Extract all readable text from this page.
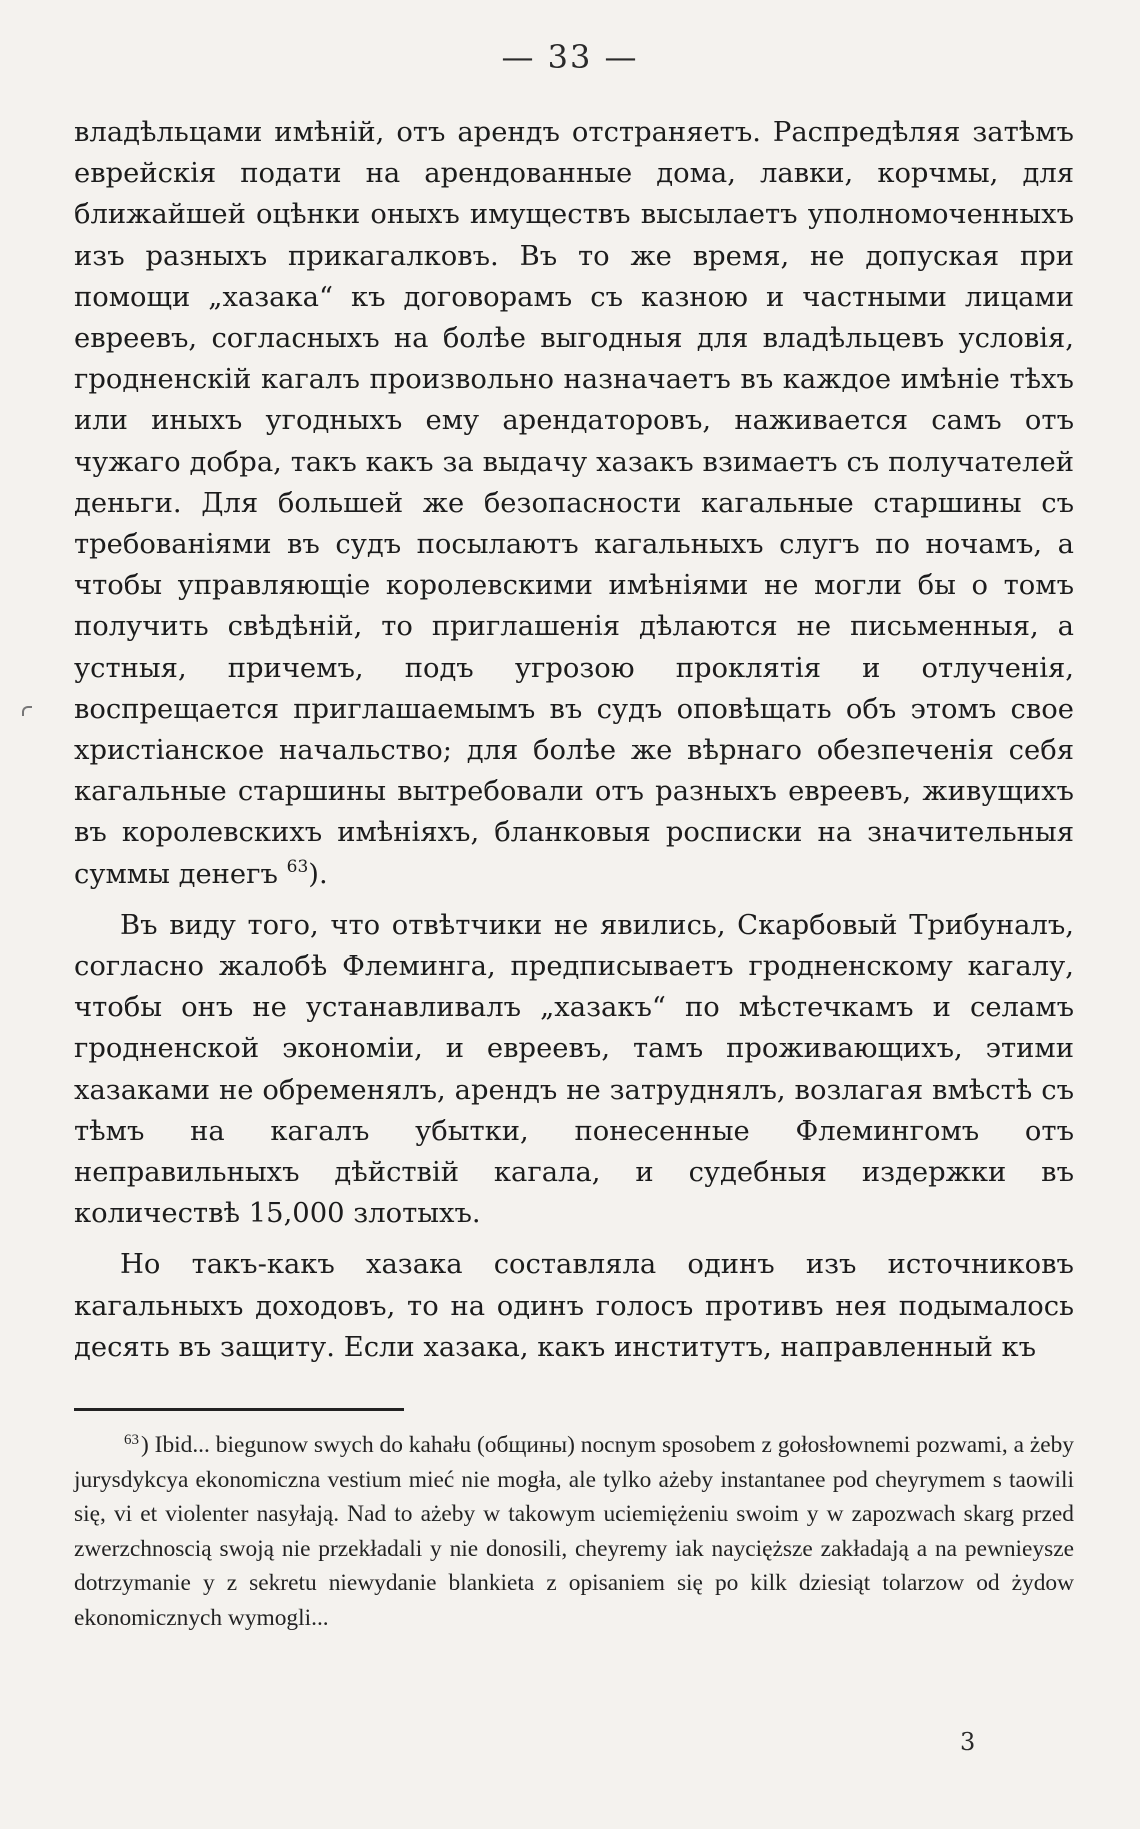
— 33 —

владѣльцами имѣній, отъ арендъ отстраняетъ. Распредѣляя затѣмъ еврейскія подати на арендованные дома, лавки, корчмы, для ближайшей оцѣнки оныхъ имуществъ высылаетъ уполномоченныхъ изъ разныхъ прикагалковъ. Въ то же время, не допуская при помощи „хазака“ къ договорамъ съ казною и частными лицами евреевъ, согласныхъ на болѣе выгодныя для владѣльцевъ условія, гродненскій кагалъ произвольно назначаетъ въ каждое имѣніе тѣхъ или иныхъ угодныхъ ему арендаторовъ, наживается самъ отъ чужаго добра, такъ какъ за выдачу хазакъ взимаетъ съ получателей деньги. Для большей же безопасности кагальные старшины съ требованіями въ судъ посылаютъ кагальныхъ слугъ по ночамъ, а чтобы управляющіе королевскими имѣніями не могли бы о томъ получить свѣдѣній, то приглашенія дѣлаются не письменныя, а устныя, причемъ, подъ угрозою проклятія и отлученія, воспрещается приглашаемымъ въ судъ оповѣщать объ этомъ свое христіанское начальство; для болѣе же вѣрнаго обезпеченія себя кагальные старшины вытребовали отъ разныхъ евреевъ, живущихъ въ королевскихъ имѣніяхъ, бланковыя росписки на значительныя суммы денегъ $^{63}$).

Въ виду того, что отвѣтчики не явились, Скарбовый Трибуналъ, согласно жалобѣ Флеминга, предписываетъ гродненскому кагалу, чтобы онъ не устанавливалъ „хазакъ“ по мѣстечкамъ и селамъ гродненской экономіи, и евреевъ, тамъ проживающихъ, этими хазаками не обременялъ, арендъ не затруднялъ, возлагая вмѣстѣ съ тѣмъ на кагалъ убытки, понесенные Флемингомъ отъ неправильныхъ дѣйствій кагала, и судебныя издержки въ количествѣ 15,000 злотыхъ.

Но такъ-какъ хазака составляла одинъ изъ источниковъ кагальныхъ доходовъ, то на одинъ голосъ противъ нея подымалось десять въ защиту. Если хазака, какъ институтъ, направленный къ

$^{63}$) Ibid... biegunow swych do kahału (общины) nocnym sposobem z gołosłownemi pozwami, a żeby jurysdykcya ekonomiczna vestium mieć nie mogła, ale tylko ażeby instantanee pod cheyrymem s taowili się, vi et violenter nasyłają. Nad to ażeby w takowym uciemiężeniu swoim y w zapozwach skarg przed zwerzchnoscią swoją nie przekładali y nie donosili, cheyremy iak naycięższe zakładają a na pewnieysze dotrzymanie y z sekretu niewydanie blankieta z opisaniem się po kilk dziesiąt tolarzow od żydow ekonomicznych wymogli...
3
